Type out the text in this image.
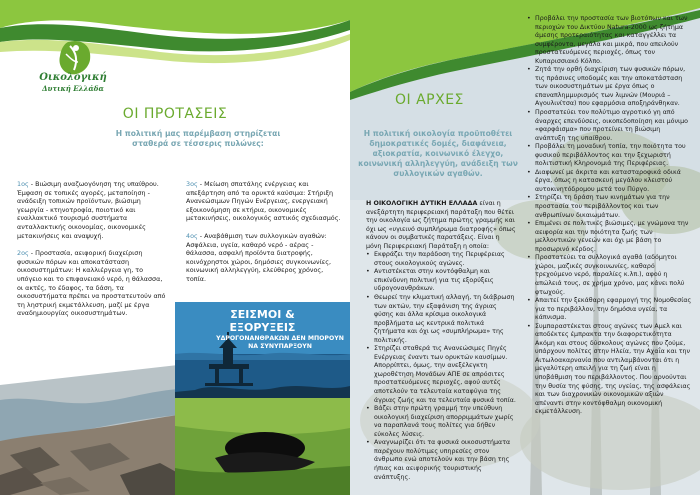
Οικολογική
Δυτική Ελλάδα
ΟΙ ΠΡΟΤΑΣΕΙΣ
Η πολιτική μας παρέμβαση στηρίζεται σταθερά σε τέσσερις πυλώνες:
1ος - Βιώσιμη αναζωογόνηση της υπαίθρου. Έμφαση σε τοπικές αγορές, μεταποίηση - ανάδειξη τοπικών προϊόντων, βιώσιμη γεωργία - κτηνοτροφία, ποιοτικό και εναλλακτικό τουρισμό συστήματα ανταλλακτικής οικονομίας, οικονομικές μετακινήσεις και αναψυχή.
2ος - Προστασία, αειφορική διαχείριση φυσικών πόρων και αποκατάσταση οικοσυστημάτων: Η καλλιέργεια γη, το υπόγειο και το επιφανειακό νερό, η θάλασσα, οι ακτές, το έδαφος, τα δάση, τα οικοσυστήματα πρέπει να προστατευτούν από τη ληστρική εκμετάλλευση, μαζί με έργα αναδημιουργίας οικοσυστημάτων.
3ος - Μείωση σπατάλης ενέργειας και απεξάρτηση από τα ορυκτά καύσιμα: Στήριξη Ανανεώσιμων Πηγών Ενέργειας, ενεργειακή εξοικονόμηση σε κτήρια, οικονομικές μετακινήσεις, οικολογικός αστικός σχεδιασμός.
4ος - Αναβάθμιση των συλλογικών αγαθών: Ασφάλεια, υγεία, καθαρό νερό - αέρας - θάλασσα, ασφαλή προϊόντα διατροφής, κοινόχρηστοι χώροι, δημόσιες συγκοινωνίες, κοινωνική αλληλεγγύη, ελεύθερος χρόνος, τοπία.
ΣΕΙΣΜΟΙ &
ΕΞΟΡΥΞΕΙΣ
ΥΔΡΟΓΟΝΑΝΘΡΑΚΩΝ ΔΕΝ ΜΠΟΡΟΥΝ ΝΑ ΣΥΝΥΠΑΡΞΟΥΝ
ΟΙ ΑΡΧΕΣ
Η πολιτική οικολογία προϋποθέτει δημοκρατικές δομές, διαφάνεια, αξιοκρατία, κοινωνικό έλεγχο, κοινωνική αλληλεγγύη, ανάδειξη των συλλογικών αγαθών.

Η ΟΙΚΟΛΟΓΙΚΗ ΔΥΤΙΚΗ ΕΛΛΑΔΑ είναι η ανεξάρτητη περιφερειακή παράταξη που θέτει την οικολογία ως ζήτημα πρώτης γραμμής και όχι ως «υγιεινό συμπλήρωμα διατροφής» όπως κάνουν οι συμβατικές παρατάξεις. Είναι η μόνη Περιφερειακή Παράταξη η οποία:

• Εκφράζει την παράδοση της Περιφέρειας στους οικολογικούς αγώνες.
• Αντιστέκεται στην κοντόφθαλμη και επικίνδυνη πολιτική για τις εξορύξεις υδρογονανθράκων.
• Θεωρεί την κλιματική αλλαγή, τη διάβρωση των ακτών, την εξαφάνιση της άγριας φύσης και άλλα κρίσιμα οικολογικά προβλήματα ως κεντρικά πολιτικά ζητήματα και όχι ως «συμπλήρωμα» της πολιτικής.
• Στηρίζει σταθερά τις Ανανεώσιμες Πηγές Ενέργειας έναντι των ορυκτών καυσίμων. Απορρίπτει, όμως, την ανεξέλεγκτη χωροθέτηση Μονάδων ΑΠΕ σε απρόσιτες προστατευόμενες περιοχές, αφού αυτές αποτελούν τα τελευταία καταφύγια της άγριας ζωής και τα τελευταία φυσικά τοπία.
• Βάζει στην πρώτη γραμμή την υπεύθυνη οικολογική διαχείριση απορριμμάτων χωρίς να παραπλανά τους πολίτες για δήθεν εύκολες λύσεις.
• Αναγνωρίζει ότι τα φυσικά οικοσυστήματα παρέχουν πολύτιμες υπηρεσίες στον άνθρωπο ενώ αποτελούν και την βάση της ήπιας και αειφορικής τουριστικής ανάπτυξης.
• Προβάλει την προστασία των βιοτόπων και των περιοχών του Δικτύου Natura-2000 ως ζήτημα άμεσης προτεραιότητας και καταγγέλλει τα συμφέροντα, μεγάλα και μικρά, που απειλούν προστατευόμενες περιοχές, όπως τον Κυπαρισσιακό Κόλπο.
• Ζητά την ορθή διαχείριση των φυσικών πόρων, τις πράσινες υποδομές και την αποκατάσταση των οικοσυστημάτων με έργα όπως ο επαναπλημμυρισμός των λιμνών (Μουριά – Αγουλινίτσα) που εφαρμόσια αποξηράνθηκαν.
• Προστατεύει τον πολύτιμο αγροτικό γη από άναρχες επενδύσεις, οικοπεδοποίηση και μόνιμο «φαρφάισμα» που προτείνει τη βιώσιμη ανάπτυξη της υπαίθρου.
• Προβάλει τη μοναδική τοπία, την ποιότητα του φυσικού περιβάλλοντος και την ξεχωριστή πολιτιστική Κληρονομιά της Περιφέρειας.
• Διαφωνεί με άκριτα και κατασταροφικά οδικά έργα, όπως η κατασκευή μεγάλου κλειστού αυτοκινητόδρομου μετά τον Πύργο.
• Στηρίζει τη δράση των κινημάτων για την προστασία του περιβάλλοντος και των ανθρωπίνων δικαιωμάτων.
• Επιμένει σε πολιτικές βιώσιμες, με γνώμονα την αειφορία και την ποιότητα ζωής των μελλοντικών γενεών και όχι με βάση το προσωρινό κέρδος.
• Προστατεύει τα συλλογικά αγαθά (αδόμητοι χώροι, μαζικές συγκοινωνίες, καθαρό τρεχούμενο νερό, παραλίες κ.λπ.), αφού η απώλειά τους, σε χρήμα χρόνο, μας κάνει πολύ φτωχούς.
• Απαιτεί την ξεκάθαρη εφαρμογή της Νομοθεσίας για το περιβάλλον, την δημόσια υγεία, τα κάπνισμα.
• Συμπαραστέκεται στους αγώνες των Αμελ και αποδέκτες έμπρακτα την διαφορετικότητα Ακόμη και στους δύσκολους αγώνες που ζούμε, υπάρχουν πολίτες στην Ηλεία, την Αχαΐα και την Αιτωλοακαρνανία που αντιλαμβάνονται ότι η μεγαλύτερη απειλή για τη ζωή είναι η υποβάθμιση του περιβάλλοντος. Που αρνούνται την θυσία της φύσης, της υγείας, της ασφάλειας και των διαχρονικών οικονομικών αξιών απέναντι στην κοντόφθαλμη οικονομική εκμετάλλευση.
